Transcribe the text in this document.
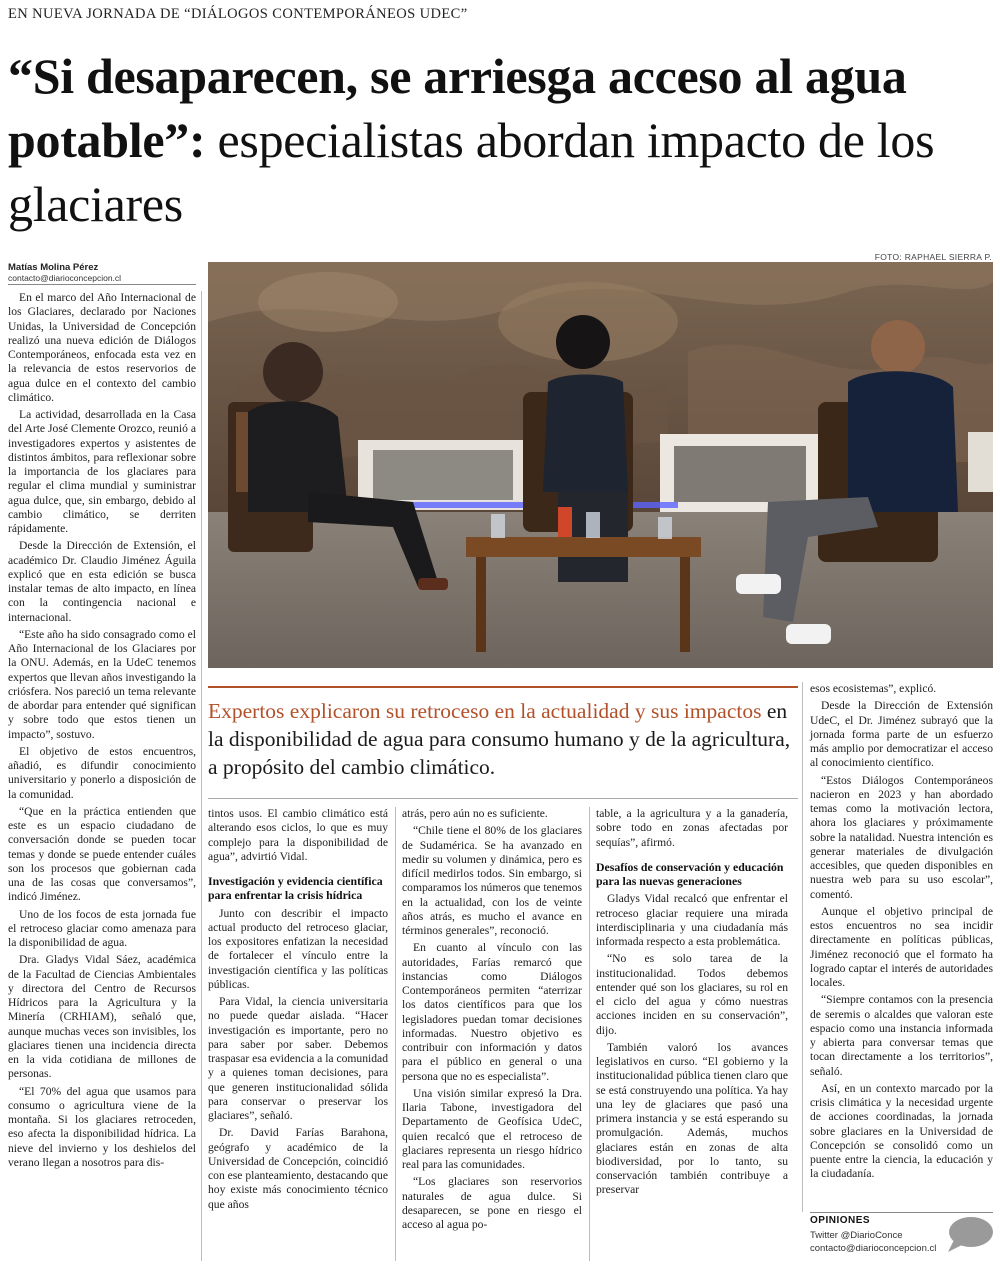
EN NUEVA JORNADA DE “DIÁLOGOS CONTEMPORÁNEOS UDEC”
“Si desaparecen, se arriesga acceso al agua potable”: especialistas abordan impacto de los glaciares
FOTO: RAPHAEL SIERRA P.
Matías Molina Pérez
contacto@diarioconcepcion.cl

En el marco del Año Internacional de los Glaciares, declarado por Naciones Unidas, la Universidad de Concepción realizó una nueva edición de Diálogos Contemporáneos, enfocada esta vez en la relevancia de estos reservorios de agua dulce en el contexto del cambio climático.

La actividad, desarrollada en la Casa del Arte José Clemente Orozco, reunió a investigadores expertos y asistentes de distintos ámbitos, para reflexionar sobre la importancia de los glaciares para regular el clima mundial y suministrar agua dulce, que, sin embargo, debido al cambio climático, se derriten rápidamente.

Desde la Dirección de Extensión, el académico Dr. Claudio Jiménez Águila explicó que en esta edición se busca instalar temas de alto impacto, en línea con la contingencia nacional e internacional.

“Este año ha sido consagrado como el Año Internacional de los Glaciares por la ONU. Además, en la UdeC tenemos expertos que llevan años investigando la criósfera. Nos pareció un tema relevante de abordar para entender qué significan y sobre todo que estos tienen un impacto”, sostuvo.

El objetivo de estos encuentros, añadió, es difundir conocimiento universitario y ponerlo a disposición de la comunidad.

“Que en la práctica entienden que este es un espacio ciudadano de conversación donde se pueden tocar temas y donde se puede entender cuáles son los procesos que gobiernan cada una de las cosas que conversamos”, indicó Jiménez.

Uno de los focos de esta jornada fue el retroceso glaciar como amenaza para la disponibilidad de agua.

Dra. Gladys Vidal Sáez, académica de la Facultad de Ciencias Ambientales y directora del Centro de Recursos Hídricos para la Agricultura y la Minería (CRHIAM), señaló que, aunque muchas veces son invisibles, los glaciares tienen una incidencia directa en la vida cotidiana de millones de personas.

“El 70% del agua que usamos para consumo o agricultura viene de la montaña. Si los glaciares retroceden, eso afecta la disponibilidad hídrica. La nieve del invierno y los deshielos del verano llegan a nosotros para dis-

Expertos explicaron su retroceso en la actualidad y sus impactos en la disponibilidad de agua para consumo humano y de la agricultura, a propósito del cambio climático.

tintos usos. El cambio climático está alterando esos ciclos, lo que es muy complejo para la disponibilidad de agua”, advirtió Vidal.

Investigación y evidencia científica para enfrentar la crisis hídrica

Junto con describir el impacto actual producto del retroceso glaciar, los expositores enfatizan la necesidad de fortalecer el vínculo entre la investigación científica y las políticas públicas.

Para Vidal, la ciencia universitaria no puede quedar aislada. “Hacer investigación es importante, pero no para saber por saber. Debemos traspasar esa evidencia a la comunidad y a quienes toman decisiones, para que generen institucionalidad sólida para conservar o preservar los glaciares”, señaló.

Dr. David Farías Barahona, geógrafo y académico de la Universidad de Concepción, coincidió con ese planteamiento, destacando que hoy existe más conocimiento técnico que años

atrás, pero aún no es suficiente.

“Chile tiene el 80% de los glaciares de Sudamérica. Se ha avanzado en medir su volumen y dinámica, pero es difícil medirlos todos. Sin embargo, si comparamos los números que tenemos en la actualidad, con los de veinte años atrás, es mucho el avance en términos generales”, reconoció.

En cuanto al vínculo con las autoridades, Farías remarcó que instancias como Diálogos Contemporáneos permiten “aterrizar los datos científicos para que los legisladores puedan tomar decisiones informadas. Nuestro objetivo es contribuir con información y datos para el público en general o una persona que no es especialista”.

Una visión similar expresó la Dra. Ilaria Tabone, investigadora del Departamento de Geofísica UdeC, quien recalcó que el retroceso de glaciares representa un riesgo hídrico real para las comunidades.

“Los glaciares son reservorios naturales de agua dulce. Si desaparecen, se pone en riesgo el acceso al agua po-

table, a la agricultura y a la ganadería, sobre todo en zonas afectadas por sequías”, afirmó.

Desafíos de conservación y educación para las nuevas generaciones

Gladys Vidal recalcó que enfrentar el retroceso glaciar requiere una mirada interdisciplinaria y una ciudadanía más informada respecto a esta problemática.

“No es solo tarea de la institucionalidad. Todos debemos entender qué son los glaciares, su rol en el ciclo del agua y cómo nuestras acciones inciden en su conservación”, dijo.

También valoró los avances legislativos en curso. “El gobierno y la institucionalidad pública tienen claro que se está construyendo una política. Ya hay una ley de glaciares que pasó una primera instancia y se está esperando su promulgación. Además, muchos glaciares están en zonas de alta biodiversidad, por lo tanto, su conservación también contribuye a preservar

esos ecosistemas”, explicó.

Desde la Dirección de Extensión UdeC, el Dr. Jiménez subrayó que la jornada forma parte de un esfuerzo más amplio por democratizar el acceso al conocimiento científico.

“Estos Diálogos Contemporáneos nacieron en 2023 y han abordado temas como la motivación lectora, ahora los glaciares y próximamente sobre la natalidad. Nuestra intención es generar materiales de divulgación accesibles, que queden disponibles en nuestra web para su uso escolar”, comentó.

Aunque el objetivo principal de estos encuentros no sea incidir directamente en políticas públicas, Jiménez reconoció que el formato ha logrado captar el interés de autoridades locales.

“Siempre contamos con la presencia de seremis o alcaldes que valoran este espacio como una instancia informada y abierta para conversar temas que tocan directamente a los territorios”, señaló.

Así, en un contexto marcado por la crisis climática y la necesidad urgente de acciones coordinadas, la jornada sobre glaciares en la Universidad de Concepción se consolidó como un puente entre la ciencia, la educación y la ciudadanía.

OPINIONES
Twitter @DiarioConce
contacto@diarioconcepcion.cl
